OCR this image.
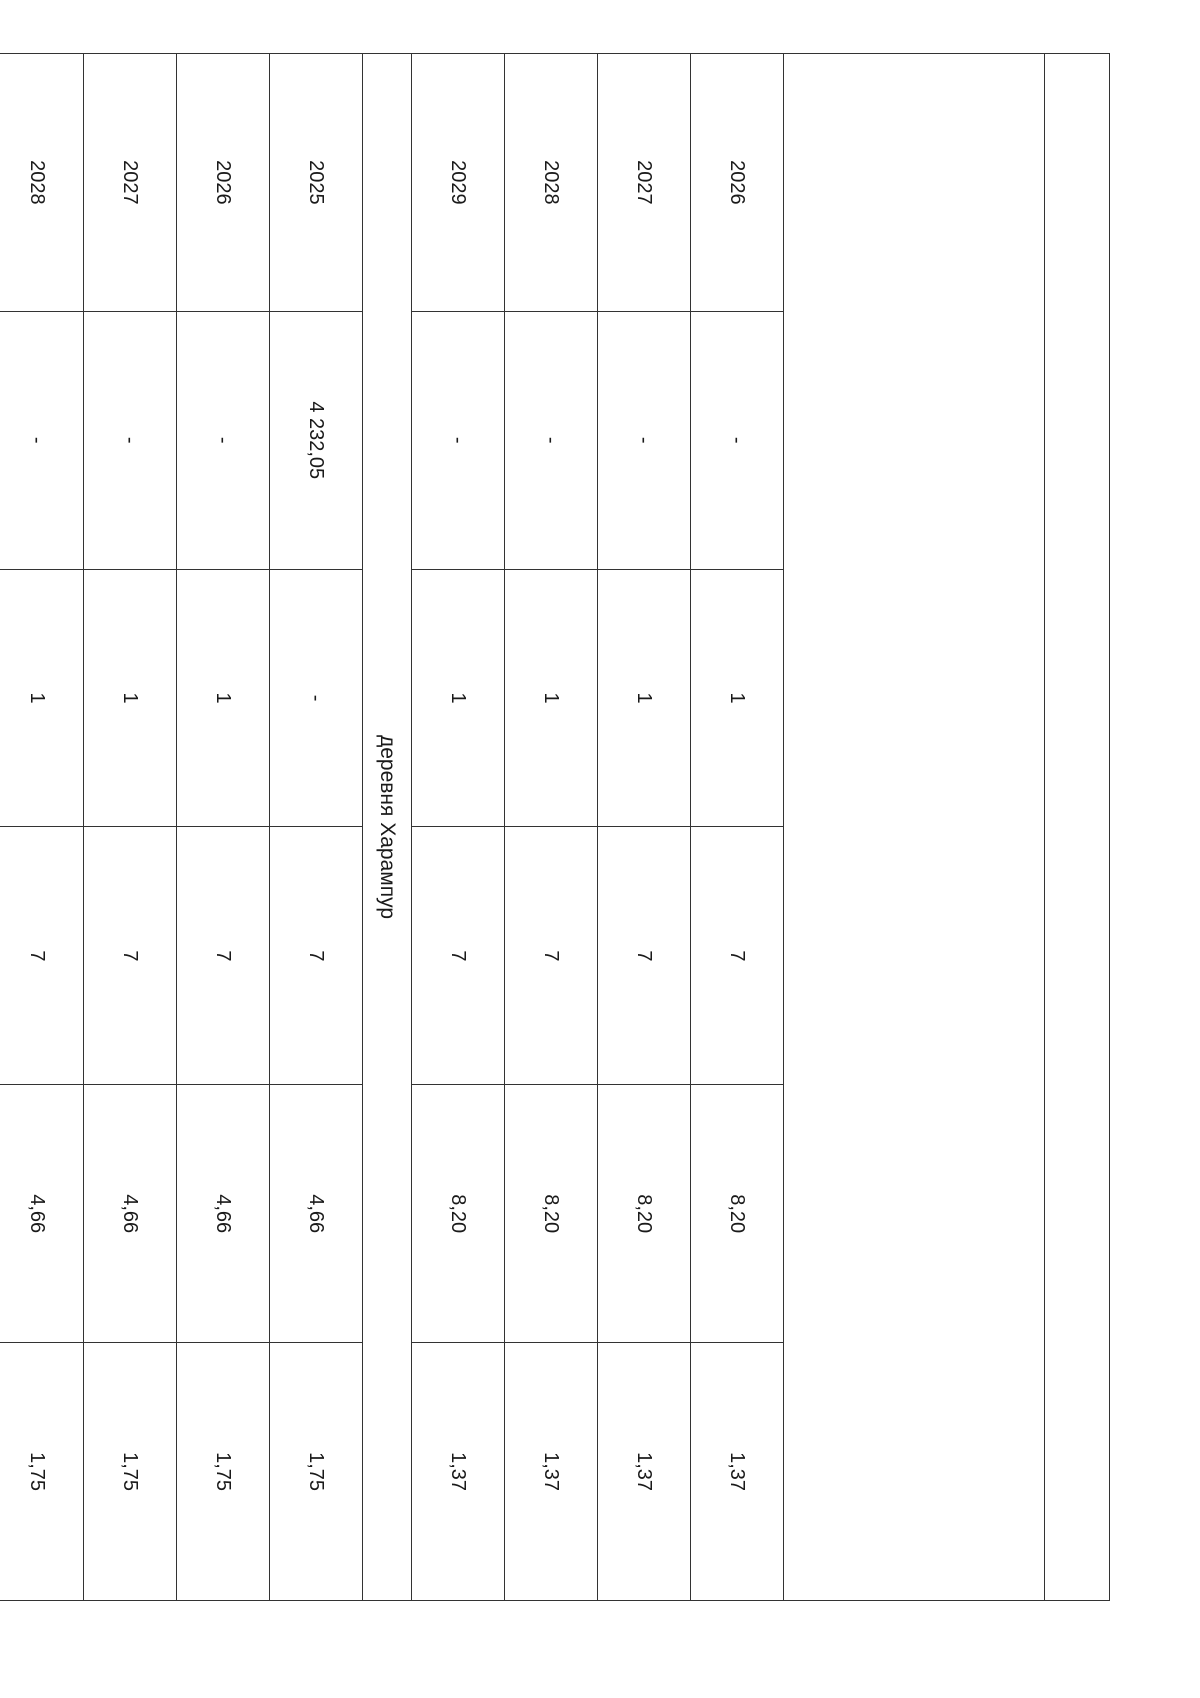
2026	-	1	7	8,20	1,37
2027	-	1	7	8,20	1,37
2028	-	1	7	8,20	1,37
2029	-	1	7	8,20	1,37
деревня Харампур					
2025	4 232,05	-	7	4,66	1,75
2026	-	1	7	4,66	1,75
2027	-	1	7	4,66	1,75
2028	-	1	7	4,66	1,75
